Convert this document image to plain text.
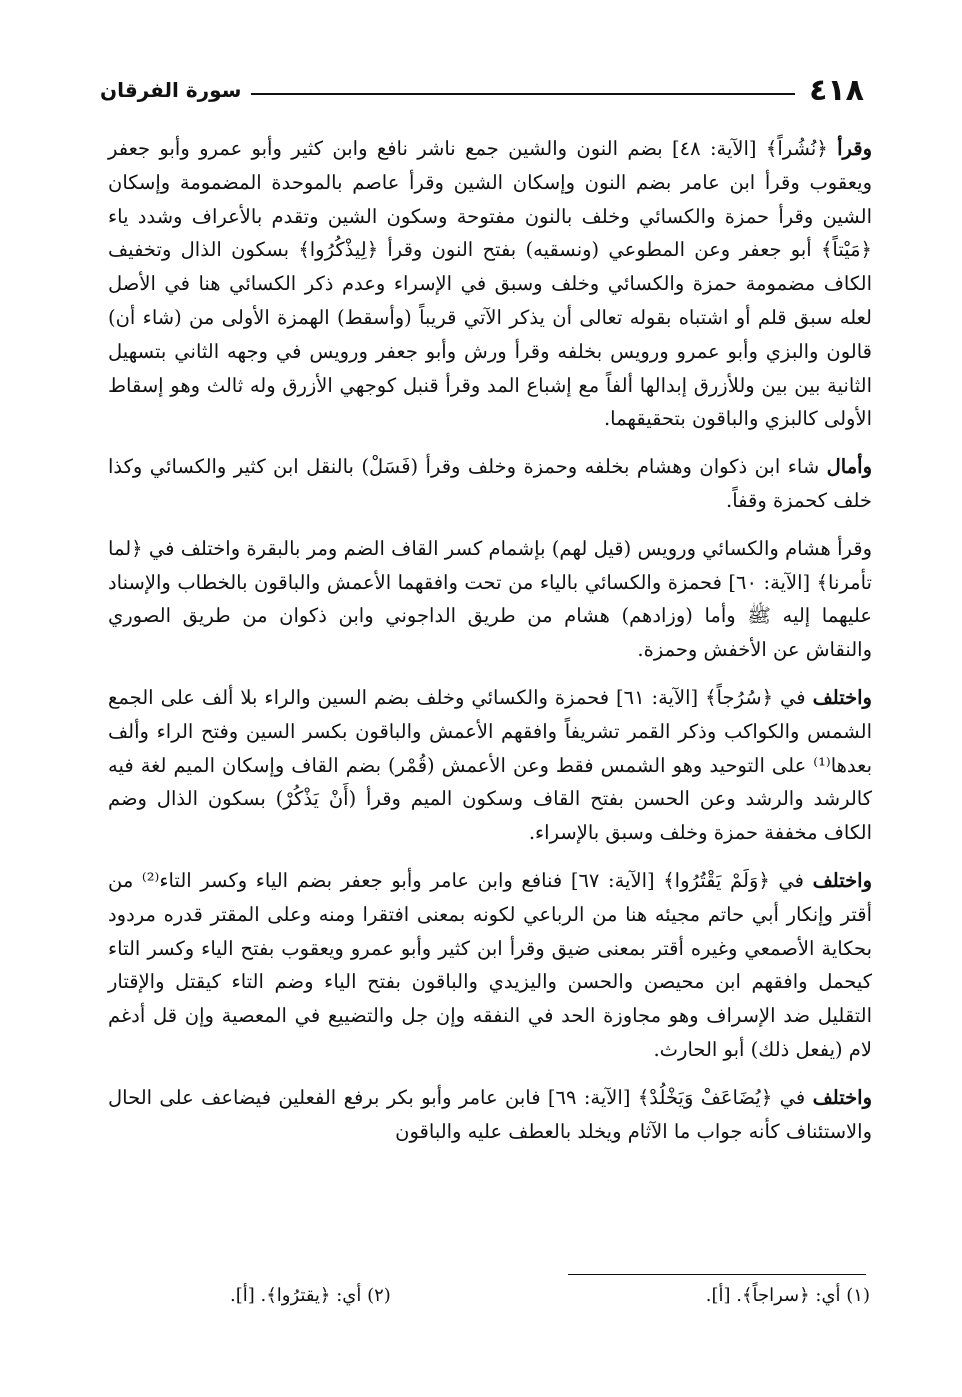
٤١٨
سورة الفرقان

وقرأ ﴿نُشُراً﴾ [الآية: ٤٨] بضم النون والشين جمع ناشر نافع وابن كثير وأبو عمرو وأبو جعفر ويعقوب وقرأ ابن عامر بضم النون وإسكان الشين وقرأ عاصم بالموحدة المضمومة وإسكان الشين وقرأ حمزة والكسائي وخلف بالنون مفتوحة وسكون الشين وتقدم بالأعراف وشدد ياء ﴿مَيْتاً﴾ أبو جعفر وعن المطوعي (ونسقيه) بفتح النون وقرأ ﴿لِيذْكُرُوا﴾ بسكون الذال وتخفيف الكاف مضمومة حمزة والكسائي وخلف وسبق في الإسراء وعدم ذكر الكسائي هنا في الأصل لعله سبق قلم أو اشتباه بقوله تعالى أن يذكر الآتي قريباً (وأسقط) الهمزة الأولى من (شاء أن) قالون والبزي وأبو عمرو ورويس بخلفه وقرأ ورش وأبو جعفر ورويس في وجهه الثاني بتسهيل الثانية بين بين وللأزرق إبدالها ألفاً مع إشباع المد وقرأ قنبل كوجهي الأزرق وله ثالث وهو إسقاط الأولى كالبزي والباقون بتحقيقهما.

وأمال شاء ابن ذكوان وهشام بخلفه وحمزة وخلف وقرأ (فَسَلْ) بالنقل ابن كثير والكسائي وكذا خلف كحمزة وقفاً.

وقرأ هشام والكسائي ورويس (قيل لهم) بإشمام كسر القاف الضم ومر بالبقرة واختلف في ﴿لما تأمرنا﴾ [الآية: ٦٠] فحمزة والكسائي بالياء من تحت وافقهما الأعمش والباقون بالخطاب والإسناد عليهما إليه ﷺ وأما (وزادهم) هشام من طريق الداجوني وابن ذكوان من طريق الصوري والنقاش عن الأخفش وحمزة.

واختلف في ﴿سُرُجاً﴾ [الآية: ٦١] فحمزة والكسائي وخلف بضم السين والراء بلا ألف على الجمع الشمس والكواكب وذكر القمر تشريفاً وافقهم الأعمش والباقون بكسر السين وفتح الراء وألف بعدها⁽¹⁾ على التوحيد وهو الشمس فقط وعن الأعمش (قُمْر) بضم القاف وإسكان الميم لغة فيه كالرشد والرشد وعن الحسن بفتح القاف وسكون الميم وقرأ (أَنْ يَذْكُرْ) بسكون الذال وضم الكاف مخففة حمزة وخلف وسبق بالإسراء.

واختلف في ﴿وَلَمْ يَقْتُرُوا﴾ [الآية: ٦٧] فنافع وابن عامر وأبو جعفر بضم الياء وكسر التاء⁽²⁾ من أقتر وإنكار أبي حاتم مجيئه هنا من الرباعي لكونه بمعنى افتقرا ومنه وعلى المقتر قدره مردود بحكاية الأصمعي وغيره أقتر بمعنى ضيق وقرأ ابن كثير وأبو عمرو ويعقوب بفتح الياء وكسر التاء كيحمل وافقهم ابن محيصن والحسن واليزيدي والباقون بفتح الياء وضم التاء كيقتل والإقتار التقليل ضد الإسراف وهو مجاوزة الحد في النفقه وإن جل والتضييع في المعصية وإن قل أدغم لام (يفعل ذلك) أبو الحارث.

واختلف في ﴿يُضَاعَفْ وَيَخْلُدْ﴾ [الآية: ٦٩] فابن عامر وأبو بكر برفع الفعلين فيضاعف على الحال والاستئناف كأنه جواب ما الآثام ويخلد بالعطف عليه والباقون

(١) أي: ﴿سراجاً﴾. [أ].
(٢) أي: ﴿يقترُوا﴾. [أ].
